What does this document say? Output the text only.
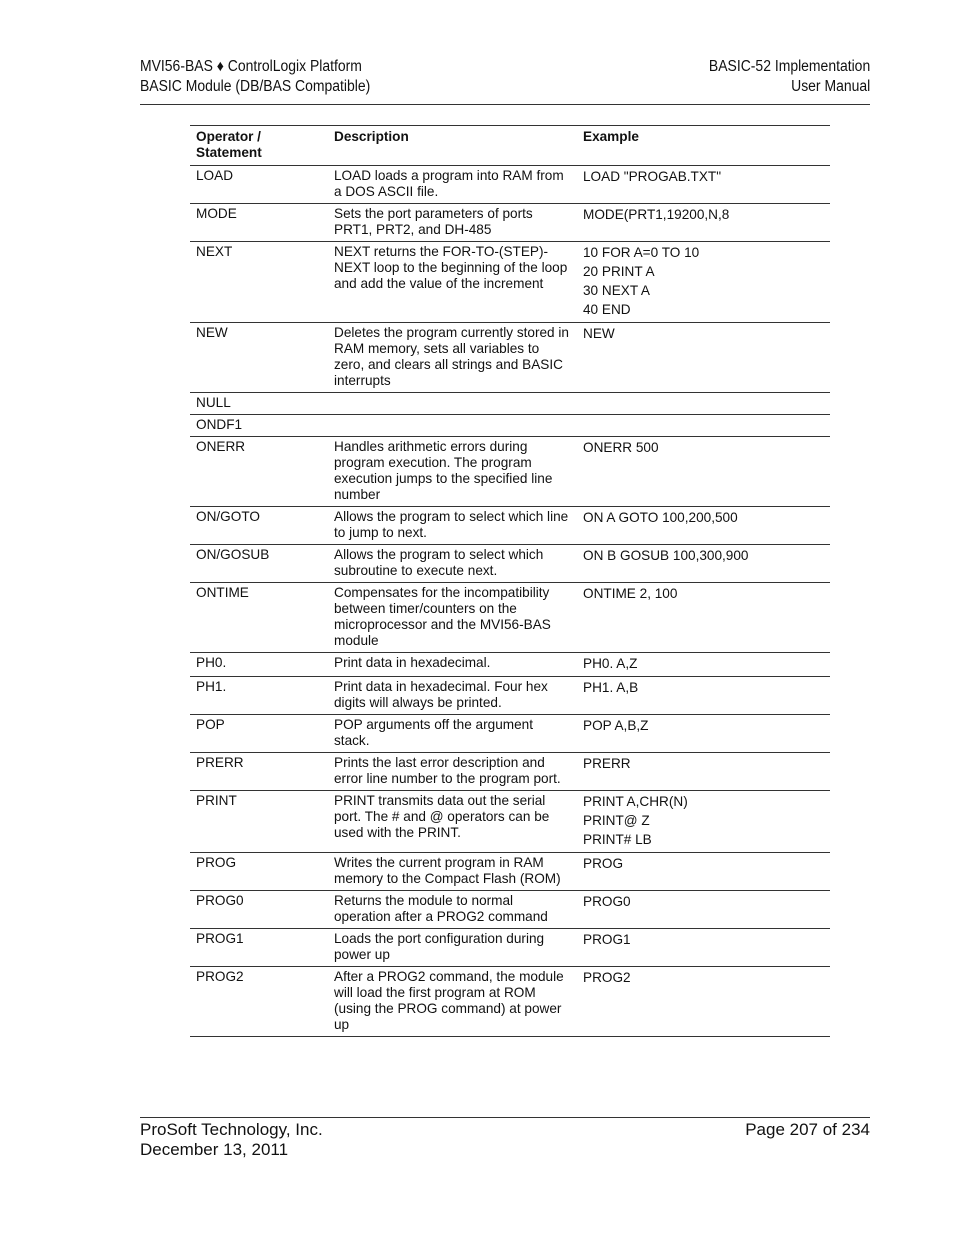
MVI56-BAS ♦ ControlLogix Platform
BASIC Module (DB/BAS Compatible)
BASIC-52 Implementation
User Manual
Operator /
Statement	Description	Example
LOAD	LOAD loads a program into RAM from a DOS ASCII file.	LOAD "PROGAB.TXT"

MODE	Sets the port parameters of ports PRT1, PRT2, and DH-485	MODE(PRT1,19200,N,8

NEXT	NEXT returns the FOR-TO-(STEP)-NEXT loop to the beginning of the loop and add the value of the increment	10 FOR A=0 TO 10
20 PRINT A
30 NEXT A
40 END

NEW	Deletes the program currently stored in RAM memory, sets all variables to zero, and clears all strings and BASIC interrupts	NEW

NULL		
ONDF1		
ONERR	Handles arithmetic errors during program execution. The program execution jumps to the specified line number	ONERR 500

ON/GOTO	Allows the program to select which line to jump to next.	ON A GOTO 100,200,500

ON/GOSUB	Allows the program to select which subroutine to execute next.	ON B GOSUB 100,300,900

ONTIME	Compensates for the incompatibility between timer/counters on the microprocessor and the MVI56-BAS module	ONTIME 2, 100

PH0.	Print data in hexadecimal.	PH0. A,Z

PH1.	Print data in hexadecimal. Four hex digits will always be printed.	PH1. A,B

POP	POP arguments off the argument stack.	POP A,B,Z

PRERR	Prints the last error description and error line number to the program port.	PRERR

PRINT	PRINT transmits data out the serial port. The # and @ operators can be used with the PRINT.	PRINT A,CHR(N)
PRINT@ Z
PRINT# LB

PROG	Writes the current program in RAM memory to the Compact Flash (ROM)	PROG

PROG0	Returns the module to normal operation after a PROG2 command	PROG0

PROG1	Loads the port configuration during power up	PROG1

PROG2	After a PROG2 command, the module will load the first program at ROM (using the PROG command) at power up	PROG2
ProSoft Technology, Inc.
December 13, 2011
Page 207 of 234
